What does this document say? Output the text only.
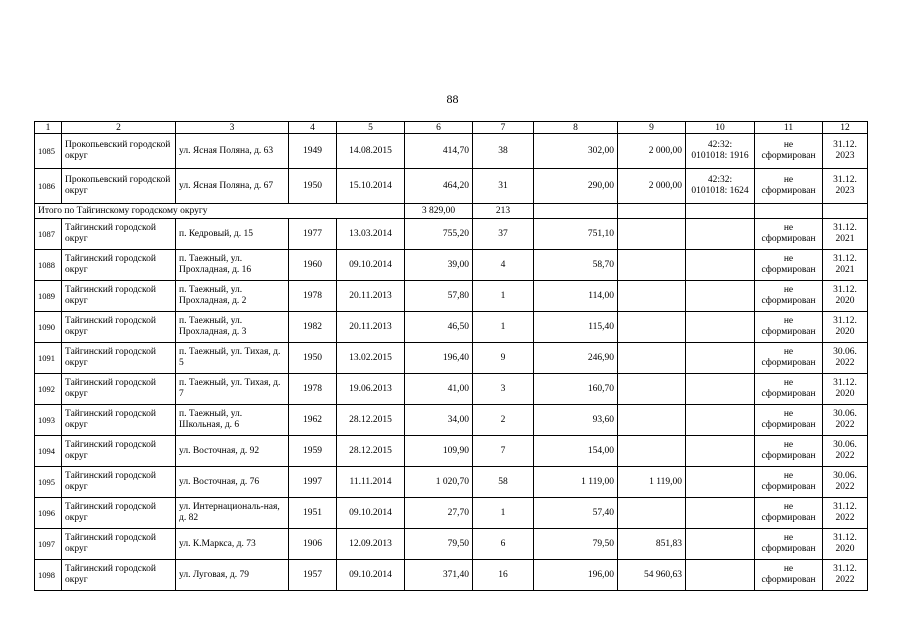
88
1	2	3	4	5	6	7	8	9	10	11	12
1085	Прокопьевский городской округ	ул. Ясная Поляна, д. 63	1949	14.08.2015	414,70	38	302,00	2 000,00	42:32: 0101018: 1916	не сформирован	31.12. 2023
1086	Прокопьевский городской округ	ул. Ясная Поляна, д. 67	1950	15.10.2014	464,20	31	290,00	2 000,00	42:32: 0101018: 1624	не сформирован	31.12. 2023
Итого по Тайгинскому городскому округу					3 829,00	213					
1087	Тайгинский городской округ	п. Кедровый, д. 15	1977	13.03.2014	755,20	37	751,10			не сформирован	31.12. 2021
1088	Тайгинский городской округ	п. Таежный, ул. Прохладная, д. 16	1960	09.10.2014	39,00	4	58,70			не сформирован	31.12. 2021
1089	Тайгинский городской округ	п. Таежный, ул. Прохладная, д. 2	1978	20.11.2013	57,80	1	114,00			не сформирован	31.12. 2020
1090	Тайгинский городской округ	п. Таежный, ул. Прохладная, д. 3	1982	20.11.2013	46,50	1	115,40			не сформирован	31.12. 2020
1091	Тайгинский городской округ	п. Таежный, ул. Тихая, д. 5	1950	13.02.2015	196,40	9	246,90			не сформирован	30.06. 2022
1092	Тайгинский городской округ	п. Таежный, ул. Тихая, д. 7	1978	19.06.2013	41,00	3	160,70			не сформирован	31.12. 2020
1093	Тайгинский городской округ	п. Таежный, ул. Школьная, д. 6	1962	28.12.2015	34,00	2	93,60			не сформирован	30.06. 2022
1094	Тайгинский городской округ	ул. Восточная, д. 92	1959	28.12.2015	109,90	7	154,00			не сформирован	30.06. 2022
1095	Тайгинский городской округ	ул. Восточная, д. 76	1997	11.11.2014	1 020,70	58	1 119,00	1 119,00		не сформирован	30.06. 2022
1096	Тайгинский городской округ	ул. Интернациональ-ная, д. 82	1951	09.10.2014	27,70	1	57,40			не сформирован	31.12. 2022
1097	Тайгинский городской округ	ул. К.Маркса, д. 73	1906	12.09.2013	79,50	6	79,50	851,83		не сформирован	31.12. 2020
1098	Тайгинский городской округ	ул. Луговая, д. 79	1957	09.10.2014	371,40	16	196,00	54 960,63		не сформирован	31.12. 2022
